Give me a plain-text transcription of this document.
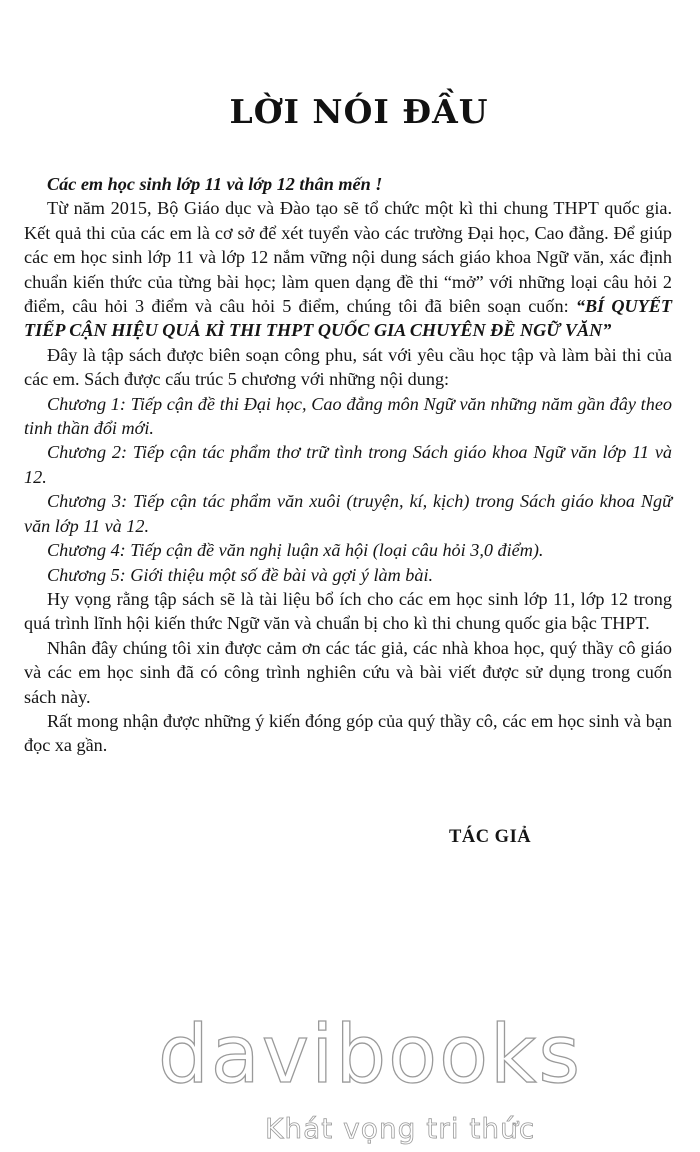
LỜI NÓI ĐẦU

Các em học sinh lớp 11 và lớp 12 thân mến !

Từ năm 2015, Bộ Giáo dục và Đào tạo sẽ tổ chức một kì thi chung THPT quốc gia. Kết quả thi của các em là cơ sở để xét tuyển vào các trường Đại học, Cao đẳng. Để giúp các em học sinh lớp 11 và lớp 12 nắm vững nội dung sách giáo khoa Ngữ văn, xác định chuẩn kiến thức của từng bài học; làm quen dạng đề thi “mở” với những loại câu hỏi 2 điểm, câu hỏi 3 điểm và câu hỏi 5 điểm, chúng tôi đã biên soạn cuốn: “BÍ QUYẾT TIẾP CẬN HIỆU QUẢ KÌ THI THPT QUỐC GIA CHUYÊN ĐỀ NGỮ VĂN”

Đây là tập sách được biên soạn công phu, sát với yêu cầu học tập và làm bài thi của các em. Sách được cấu trúc 5 chương với những nội dung:

Chương 1: Tiếp cận đề thi Đại học, Cao đẳng môn Ngữ văn những năm gần đây theo tinh thần đổi mới.

Chương 2: Tiếp cận tác phẩm thơ trữ tình trong Sách giáo khoa Ngữ văn lớp 11 và 12.

Chương 3: Tiếp cận tác phẩm văn xuôi (truyện, kí, kịch) trong Sách giáo khoa Ngữ văn lớp 11 và 12.

Chương 4: Tiếp cận đề văn nghị luận xã hội (loại câu hỏi 3,0 điểm).

Chương 5: Giới thiệu một số đề bài và gợi ý làm bài.

Hy vọng rằng tập sách sẽ là tài liệu bổ ích cho các em học sinh lớp 11, lớp 12 trong quá trình lĩnh hội kiến thức Ngữ văn và chuẩn bị cho kì thi chung quốc gia bậc THPT.

Nhân đây chúng tôi xin được cảm ơn các tác giả, các nhà khoa học, quý thầy cô giáo và các em học sinh đã có công trình nghiên cứu và bài viết được sử dụng trong cuốn sách này.

Rất mong nhận được những ý kiến đóng góp của quý thầy cô, các em học sinh và bạn đọc xa gần.

TÁC GIẢ
davibooks
Khát vọng tri thức
